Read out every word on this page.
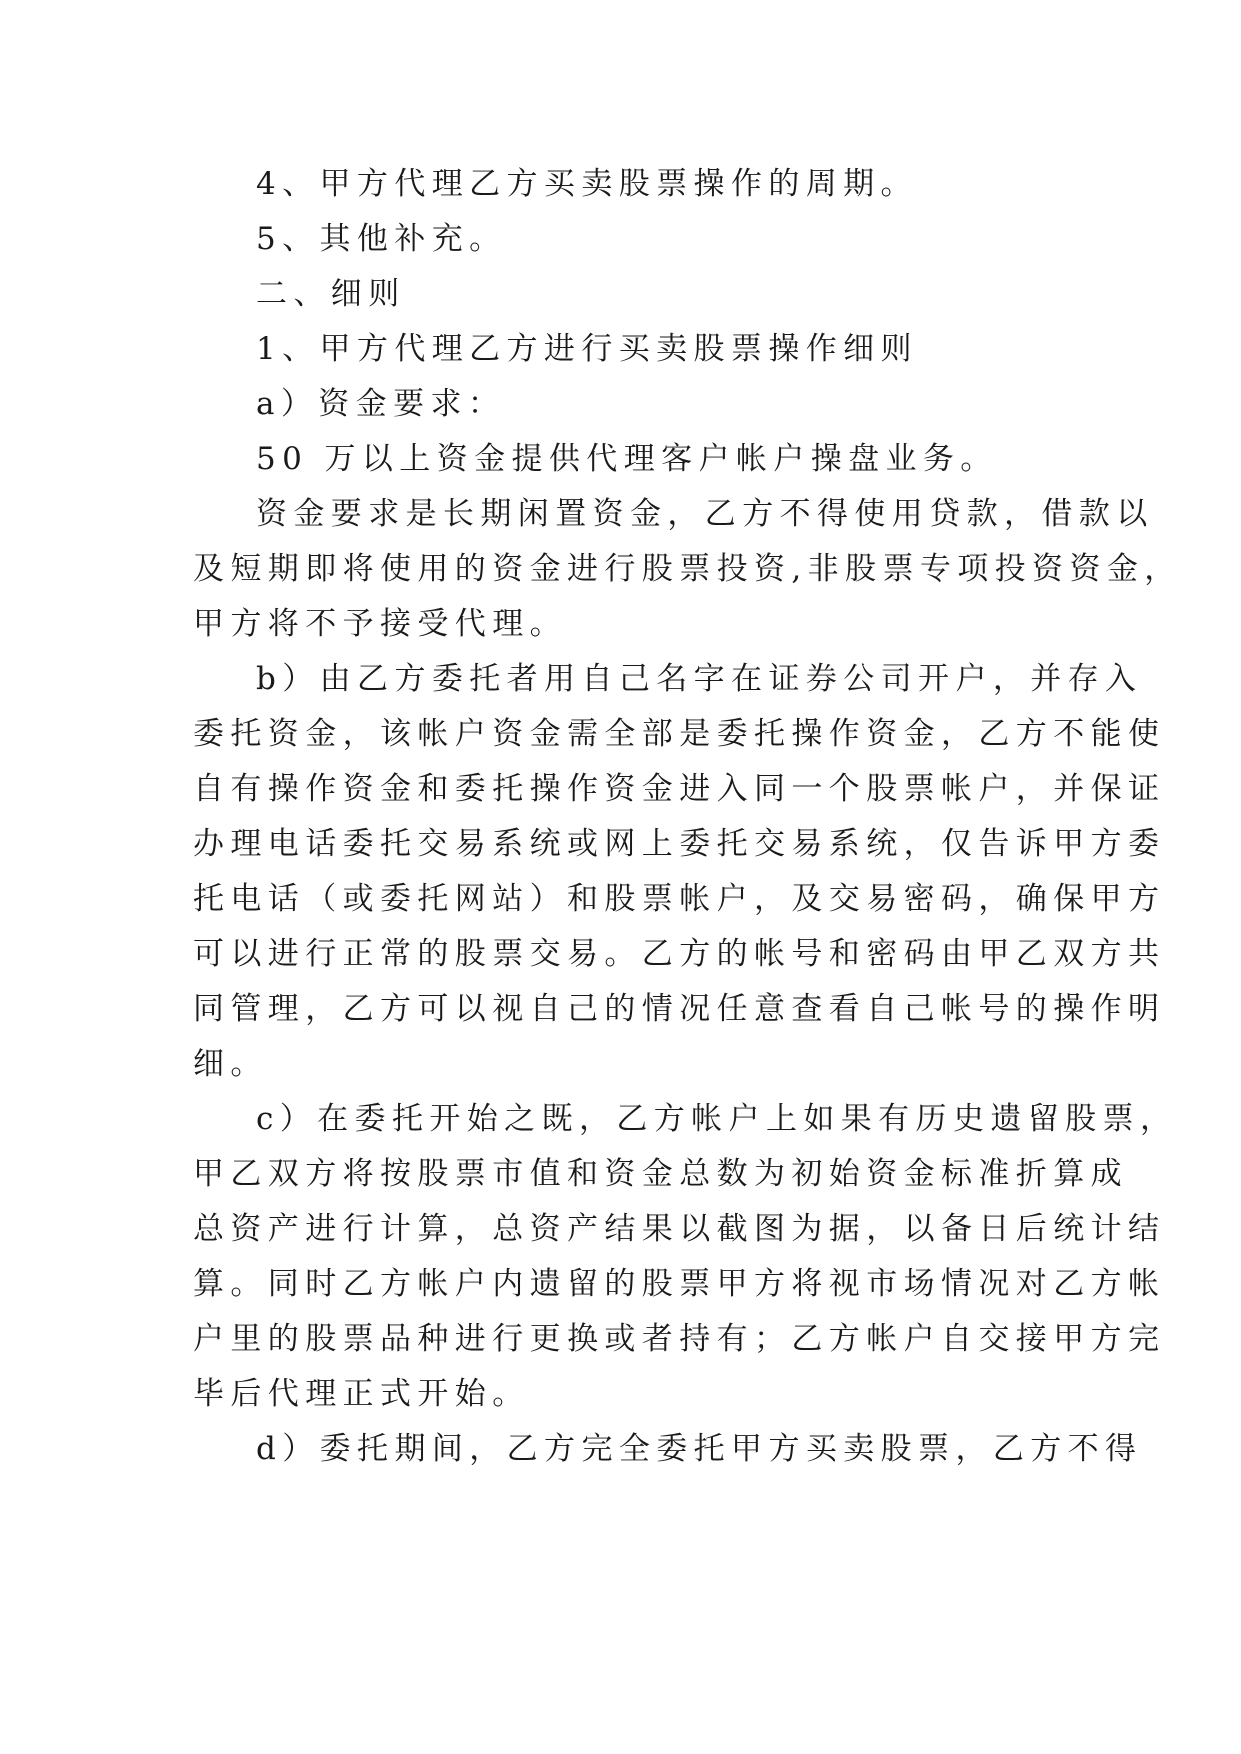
4、甲方代理乙方买卖股票操作的周期。
5、其他补充。
二、细则
1、甲方代理乙方进行买卖股票操作细则
a）资金要求：
50 万以上资金提供代理客户帐户操盘业务。
资金要求是长期闲置资金，乙方不得使用贷款，借款以
及短期即将使用的资金进行股票投资,非股票专项投资资金，
甲方将不予接受代理。
b）由乙方委托者用自己名字在证券公司开户，并存入
委托资金，该帐户资金需全部是委托操作资金，乙方不能使
自有操作资金和委托操作资金进入同一个股票帐户，并保证
办理电话委托交易系统或网上委托交易系统，仅告诉甲方委
托电话（或委托网站）和股票帐户，及交易密码，确保甲方
可以进行正常的股票交易。乙方的帐号和密码由甲乙双方共
同管理，乙方可以视自己的情况任意查看自己帐号的操作明
细。
c）在委托开始之既，乙方帐户上如果有历史遗留股票，
甲乙双方将按股票市值和资金总数为初始资金标准折算成
总资产进行计算，总资产结果以截图为据，以备日后统计结
算。同时乙方帐户内遗留的股票甲方将视市场情况对乙方帐
户里的股票品种进行更换或者持有；乙方帐户自交接甲方完
毕后代理正式开始。
d）委托期间，乙方完全委托甲方买卖股票，乙方不得
